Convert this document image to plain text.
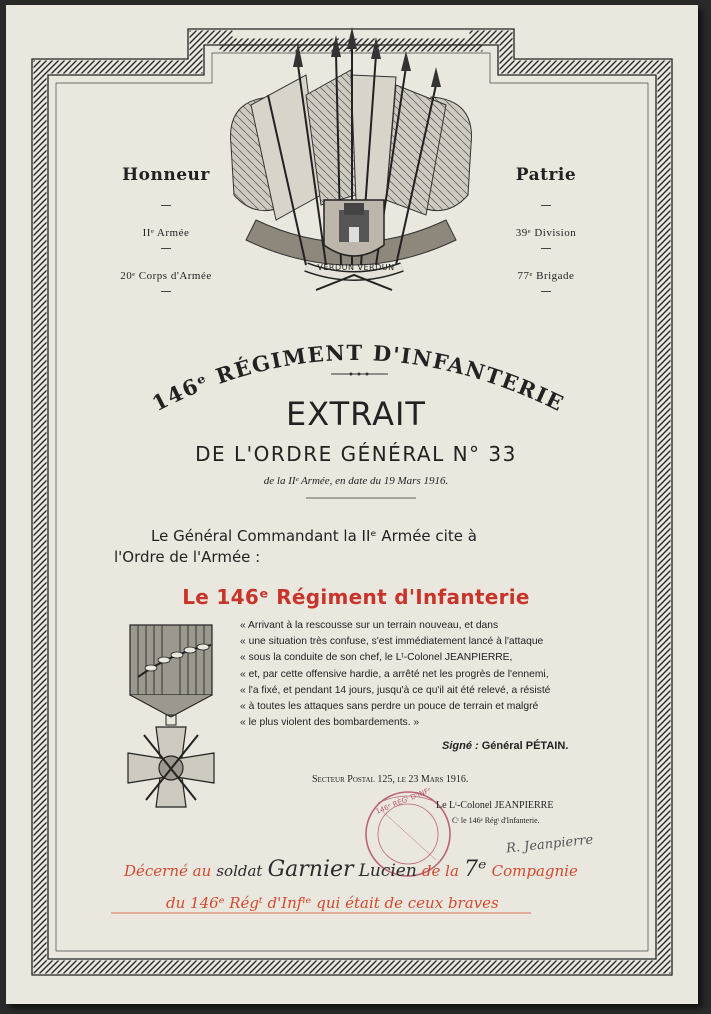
146ᵉ RÉGIMENT D'INFANTERIE
Honneur	Patrie
IIᵉ Armée
20ᵉ Corps d'Armée
39ᵉ Division
77ᵉ Brigade
VERDUN VERDUN
EXTRAIT
DE L'ORDRE GÉNÉRAL N° 33
de la IIᵉ Armée, en date du 19 Mars 1916.
Le Général Commandant la IIᵉ Armée cite à
l'Ordre de l'Armée :
Le 146ᵉ Régiment d'Infanterie
« Arrivant à la rescousse sur un terrain nouveau, et dans
« une situation très confuse, s'est immédiatement lancé à l'attaque
« sous la conduite de son chef, le Lᵗ-Colonel JEANPIERRE,
« et, par cette offensive hardie, a arrêté net les progrès de l'ennemi,
« l'a fixé, et pendant 14 jours, jusqu'à ce qu'il ait été relevé, a résisté
« à toutes les attaques sans perdre un pouce de terrain et malgré
« le plus violent des bombardements. »
Signé : Général PÉTAIN.
Secteur Postal 125, le 23 Mars 1916.
Le Lᵗ-Colonel JEANPIERRE
Cᵗ le 146ᵉ Régᵗ d'Infanterie.
146ᵉ RÉGᵗ D'INFᵉ
R. Jeanpierre
Décerné au soldat Garnier Lucien de la 7ᵉ Compagnie
du 146ᵉ Régᵗ d'Infⁱᵉ qui était de ceux braves
